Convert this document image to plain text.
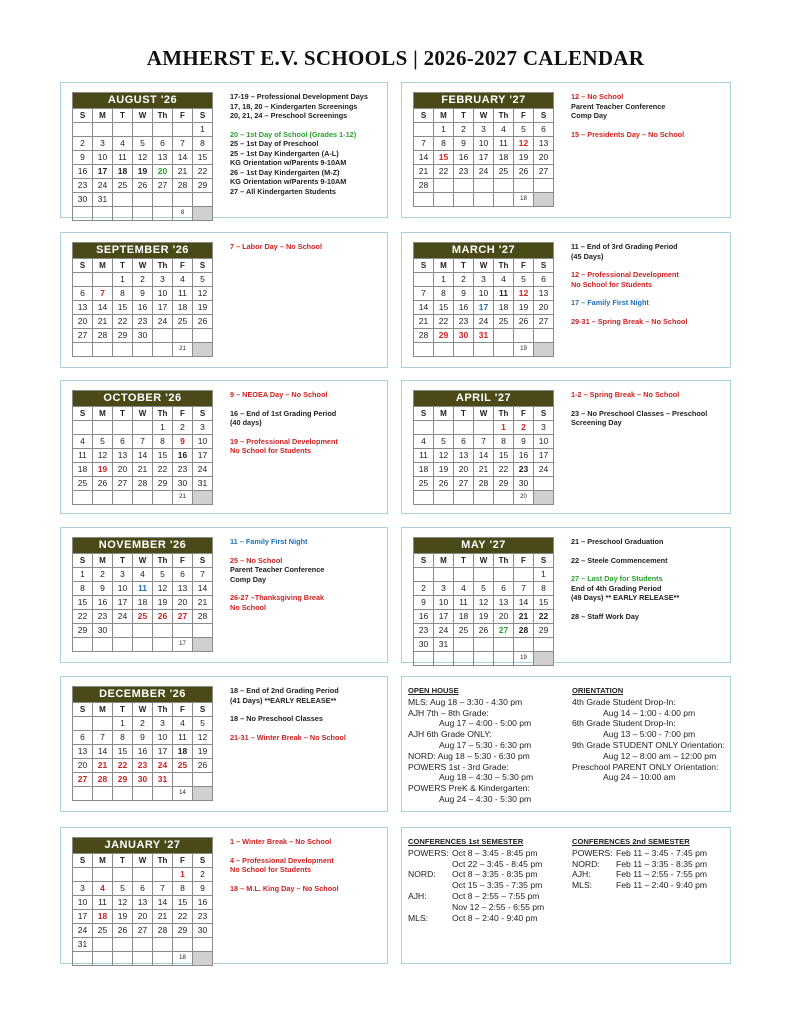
AMHERST E.V. SCHOOLS | 2026-2027 CALENDAR
AUGUST '26						
S	M	T	W	Th	F	S
						1
2	3	4	5	6	7	8
9	10	11	12	13	14	15
16	17	18	19	20	21	22
23	24	25	26	27	28	29
30	31					
					8	
SEPTEMBER '26						
S	M	T	W	Th	F	S
		1	2	3	4	5
6	7	8	9	10	11	12
13	14	15	16	17	18	19
20	21	22	23	24	25	26
27	28	29	30			
					21	
OCTOBER '26						
S	M	T	W	Th	F	S
				1	2	3
4	5	6	7	8	9	10
11	12	13	14	15	16	17
18	19	20	21	22	23	24
25	26	27	28	29	30	31
					21	
NOVEMBER '26						
S	M	T	W	Th	F	S
1	2	3	4	5	6	7
8	9	10	11	12	13	14
15	16	17	18	19	20	21
22	23	24	25	26	27	28
29	30					
					17	
DECEMBER '26						
S	M	T	W	Th	F	S
		1	2	3	4	5
6	7	8	9	10	11	12
13	14	15	16	17	18	19
20	21	22	23	24	25	26
27	28	29	30	31		
					14	
JANUARY '27						
S	M	T	W	Th	F	S
					1	2
3	4	5	6	7	8	9
10	11	12	13	14	15	16
17	18	19	20	21	22	23
24	25	26	27	28	29	30
31						
					18	
FEBRUARY '27						
S	M	T	W	Th	F	S
	1	2	3	4	5	6
7	8	9	10	11	12	13
14	15	16	17	18	19	20
21	22	23	24	25	26	27
28						
					18	
MARCH '27						
S	M	T	W	Th	F	S
	1	2	3	4	5	6
7	8	9	10	11	12	13
14	15	16	17	18	19	20
21	22	23	24	25	26	27
28	29	30	31			
					19	
APRIL '27						
S	M	T	W	Th	F	S
				1	2	3
4	5	6	7	8	9	10
11	12	13	14	15	16	17
18	19	20	21	22	23	24
25	26	27	28	29	30	
					20	
MAY '27						
S	M	T	W	Th	F	S
						1
2	3	4	5	6	7	8
9	10	11	12	13	14	15
16	17	18	19	20	21	22
23	24	25	26	27	28	29
30	31					
					19	
17-19 – Professional Development Days
17, 18, 20 – Kindergarten Screenings
20, 21, 24 – Preschool Screenings
20 – 1st Day of School (Grades 1-12)
25 – 1st Day of Preschool
25 – 1st Day Kindergarten (A-L)
KG Orientation w/Parents 9-10AM
26 – 1st Day Kindergarten (M-Z)
KG Orientation w/Parents 9-10AM
27 – All Kindergarten Students
7 – Labor Day – No School
9 – NEOEA Day – No School
16 – End of 1st Grading Period
(40 days)
19 – Professional Development
No School for Students
11 – Family First Night
25 – No School
Parent Teacher Conference
Comp Day
26-27 –Thanksgiving Break
No School
18 – End of 2nd Grading Period
(41 Days) **EARLY RELEASE**
18 – No Preschool Classes
21-31 – Winter Break – No School
1 – Winter Break – No School
4 – Professional Development
No School for Students
18 – M.L. King Day – No School
12 – No School
Parent Teacher Conference
Comp Day
15 – Presidents Day – No School
11 – End of 3rd Grading Period
(45 Days)
12 – Professional Development
No School for Students
17 – Family First Night
29-31 – Spring Break – No School
1-2 – Spring Break – No School
23 – No Preschool Classes – Preschool
Screening Day
21 – Preschool Graduation
22 – Steele Commencement
27 – Last Day for Students
End of 4th Grading Period
(49 Days) ** EARLY RELEASE**
28 – Staff Work Day
OPEN HOUSE
MLS: Aug 18 – 3:30 - 4:30 pm
AJH 7th – 8th Grade:
Aug 17 – 4:00 - 5:00 pm
AJH 6th Grade ONLY:
Aug 17 – 5:30 - 6:30 pm
NORD: Aug 18 – 5:30 - 6:30 pm
POWERS 1st - 3rd Grade:
Aug 18 – 4:30 – 5:30 pm
POWERS PreK & Kindergarten:
Aug 24 – 4:30 - 5:30 pm
ORIENTATION
4th Grade Student Drop-In:
Aug 14 – 1:00 - 4:00 pm
6th Grade Student Drop-In:
Aug 13 – 5:00 - 7:00 pm
9th Grade STUDENT ONLY Orientation:
Aug 12 – 8:00 am – 12:00 pm
Preschool PARENT ONLY Orientation:
Aug 24 – 10:00 am
CONFERENCES 1st SEMESTER
POWERS: Oct 8 – 3:45 - 8:45 pm
Oct 22 – 3:45 - 8:45 pm
NORD:	Oct 8 – 3:35 - 8:35 pm
Oct 15 – 3:35 - 7:35 pm
AJH:	Oct 8 – 2:55 – 7:55 pm
Nov 12 – 2:55 - 6:55 pm
MLS:	Oct 8 – 2:40 - 9:40 pm
CONFERENCES 2nd SEMESTER
POWERS: Feb 11 – 3:45 - 7:45 pm
NORD:	Feb 11 – 3:35 - 8:35 pm
AJH:	Feb 11 – 2:55 - 7:55 pm
MLS:	Feb 11 – 2:40 - 9:40 pm
